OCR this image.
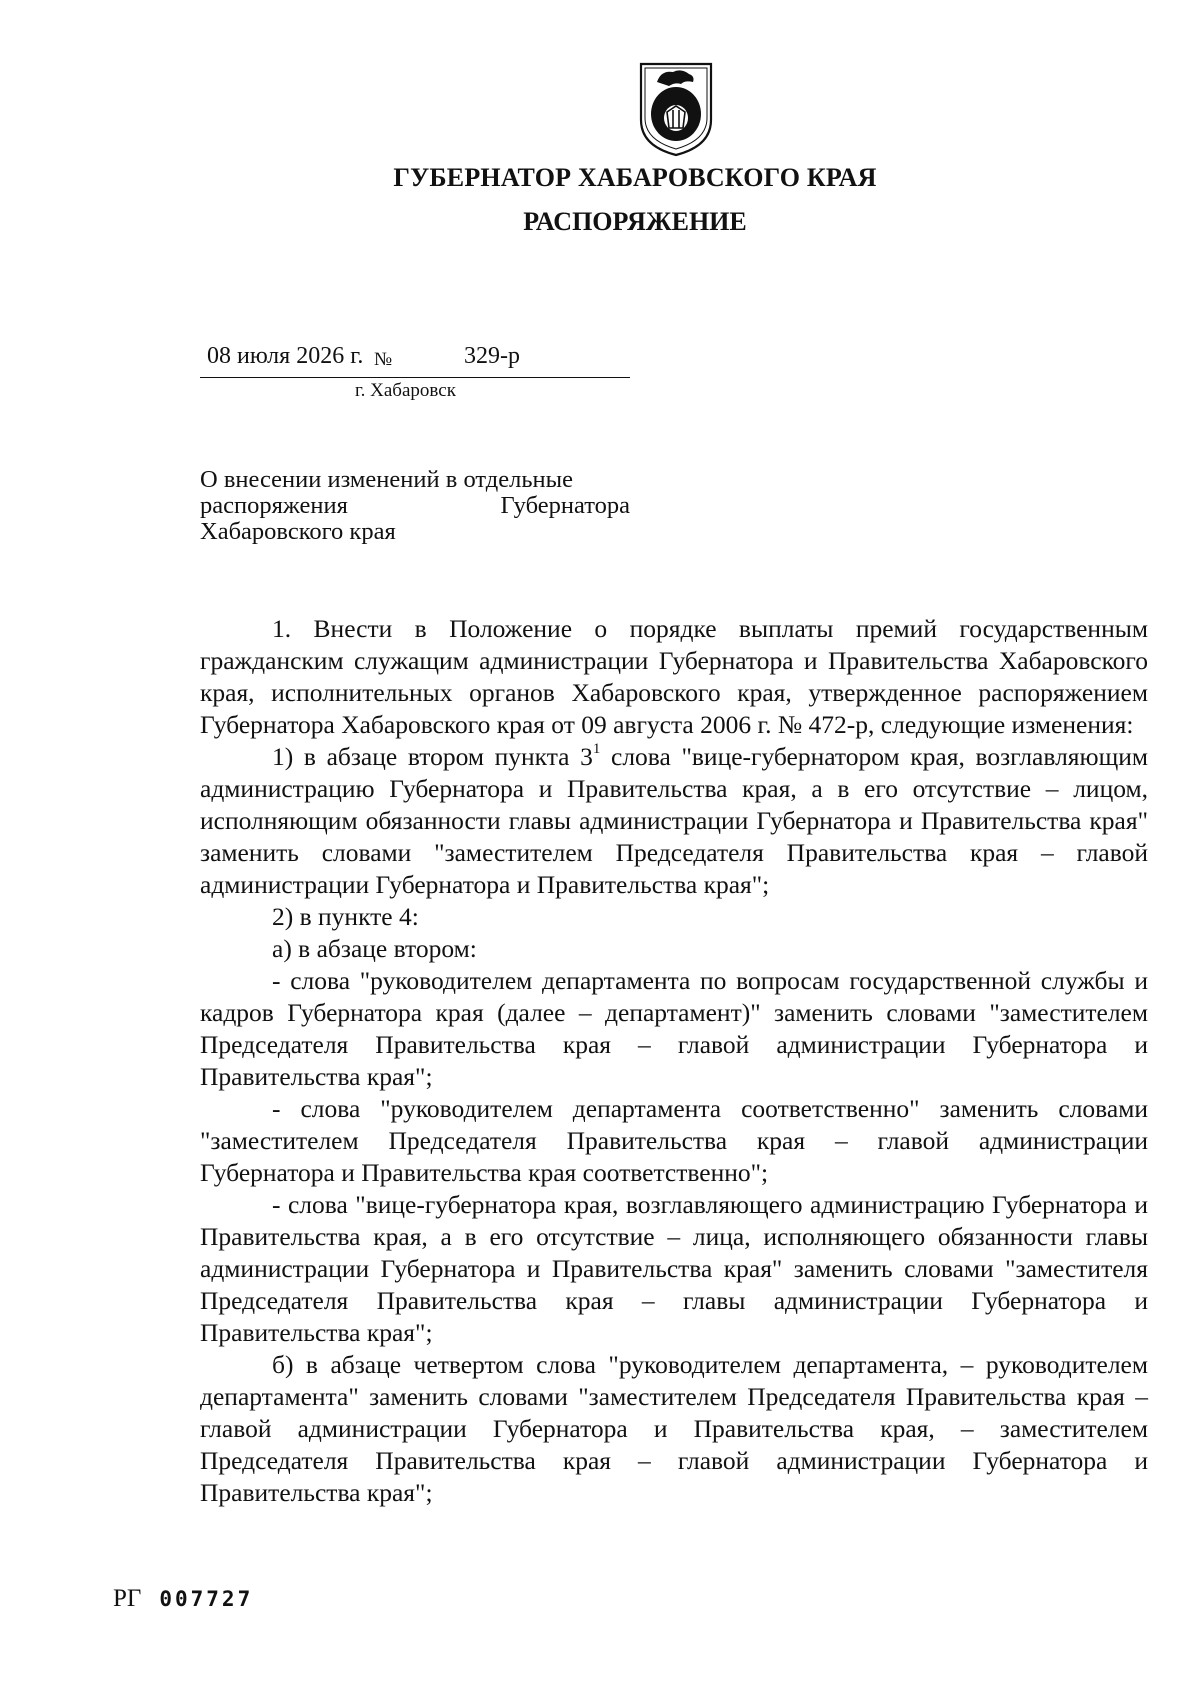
ГУБЕРНАТОР ХАБАРОВСКОГО КРАЯ
РАСПОРЯЖЕНИЕ
08 июля 2026 г. №	329-р
г. Хабаровск
О внесении изменений в отдельные
распоряжения	Губернатора
Хабаровского края

1. Внести в Положение о порядке выплаты премий государственным гражданским служащим администрации Губернатора и Правительства Хабаровского края, исполнительных органов Хабаровского края, утвержденное распоряжением Губернатора Хабаровского края от 09 августа 2006 г. № 472-р, следующие изменения:

1) в абзаце втором пункта $3^1$ слова "вице-губернатором края, возглавляющим администрацию Губернатора и Правительства края, а в его отсутствие – лицом, исполняющим обязанности главы администрации Губернатора и Правительства края" заменить словами "заместителем Председателя Правительства края – главой администрации Губернатора и Правительства края";

2) в пункте 4:

а) в абзаце втором:

- слова "руководителем департамента по вопросам государственной службы и кадров Губернатора края (далее – департамент)" заменить словами "заместителем Председателя Правительства края – главой администрации Губернатора и Правительства края";

- слова "руководителем департамента соответственно" заменить словами "заместителем Председателя Правительства края – главой администрации Губернатора и Правительства края соответственно";

- слова "вице-губернатора края, возглавляющего администрацию Губернатора и Правительства края, а в его отсутствие – лица, исполняющего обязанности главы администрации Губернатора и Правительства края" заменить словами "заместителя Председателя Правительства края – главы администрации Губернатора и Правительства края";

б) в абзаце четвертом слова "руководителем департамента, – руководителем департамента" заменить словами "заместителем Председателя Правительства края – главой администрации Губернатора и Правительства края, – заместителем Председателя Правительства края – главой администрации Губернатора и Правительства края";

РГ 007727
